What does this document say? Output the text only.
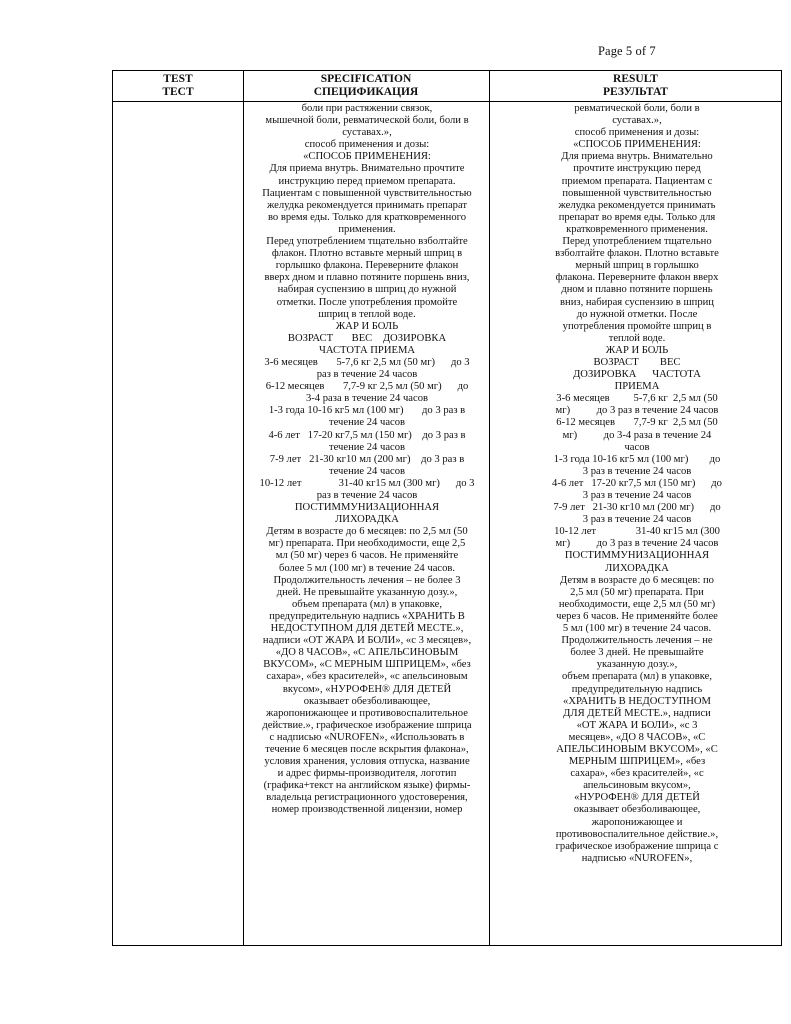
Page 5 of 7
TEST
ТЕСТ
SPECIFICATION
СПЕЦИФИКАЦИЯ
RESULT
РЕЗУЛЬТАТ

боли при растяжении связок,

мышечной боли, ревматической боли, боли в

суставах.»,

способ применения и дозы:

«СПОСОБ ПРИМЕНЕНИЯ:

Для приема внутрь. Внимательно прочтите

инструкцию перед приемом препарата.

Пациентам с повышенной чувствительностью

желудка рекомендуется принимать препарат

во время еды. Только для кратковременного

применения.

Перед употреблением тщательно взболтайте

флакон. Плотно вставьте мерный шприц в

горлышко флакона. Переверните флакон

вверх дном и плавно потяните поршень вниз,

набирая суспензию в шприц до нужной

отметки. После употребления промойте

шприц в теплой воде.

ЖАР И БОЛЬ

ВОЗРАСТ       ВЕС    ДОЗИРОВКА

ЧАСТОТА ПРИЕМА

3-6 месяцев       5-7,6 кг 2,5 мл (50 мг)      до 3

раз в течение 24 часов

6-12 месяцев       7,7-9 кг 2,5 мл (50 мг)      до

3-4 раза в течение 24 часов

1-3 года 10-16 кг5 мл (100 мг)       до 3 раз в

течение 24 часов

4-6 лет   17-20 кг7,5 мл (150 мг)    до 3 раз в

течение 24 часов

7-9 лет   21-30 кг10 мл (200 мг)    до 3 раз в

течение 24 часов

10-12 лет              31-40 кг15 мл (300 мг)      до 3

раз в течение 24 часов

ПОСТИММУНИЗАЦИОННАЯ

ЛИХОРАДКА

Детям в возрасте до 6 месяцев: по 2,5 мл (50

мг) препарата. При необходимости, еще 2,5

мл (50 мг) через 6 часов. Не применяйте

более 5 мл (100 мг) в течение 24 часов.

Продолжительность лечения – не более 3

дней. Не превышайте указанную дозу.»,

объем препарата (мл) в упаковке,

предупредительную надпись «ХРАНИТЬ В

НЕДОСТУПНОМ ДЛЯ ДЕТЕЙ МЕСТЕ.»,

надписи «ОТ ЖАРА И БОЛИ», «с 3 месяцев»,

«ДО 8 ЧАСОВ», «С АПЕЛЬСИНОВЫМ

ВКУСОМ», «С МЕРНЫМ ШПРИЦЕМ», «без

сахара», «без красителей», «с апельсиновым

вкусом», «НУРОФЕН® ДЛЯ ДЕТЕЙ

оказывает обезболивающее,

жаропонижающее и противовоспалительное

действие.», графическое изображение шприца

с надписью «NUROFEN», «Использовать в

течение 6 месяцев после вскрытия флакона»,

условия хранения, условия отпуска, название

и адрес фирмы-производителя, логотип

(графика+текст на английском языке) фирмы-

владельца регистрационного удостоверения,

номер производственной лицензии, номер

ревматической боли, боли в

суставах.»,

способ применения и дозы:

«СПОСОБ ПРИМЕНЕНИЯ:

Для приема внутрь. Внимательно

прочтите инструкцию перед

приемом препарата. Пациентам с

повышенной чувствительностью

желудка рекомендуется принимать

препарат во время еды. Только для

кратковременного применения.

Перед употреблением тщательно

взболтайте флакон. Плотно вставьте

мерный шприц в горлышко

флакона. Переверните флакон вверх

дном и плавно потяните поршень

вниз, набирая суспензию в шприц

до нужной отметки. После

употребления промойте шприц в

теплой воде.

ЖАР И БОЛЬ

ВОЗРАСТ        ВЕС

ДОЗИРОВКА      ЧАСТОТА

ПРИЕМА

3-6 месяцев         5-7,6 кг  2,5 мл (50

мг)          до 3 раз в течение 24 часов

6-12 месяцев       7,7-9 кг  2,5 мл (50

мг)          до 3-4 раза в течение 24

часов

1-3 года 10-16 кг5 мл (100 мг)        до

3 раз в течение 24 часов

4-6 лет   17-20 кг7,5 мл (150 мг)      до

3 раз в течение 24 часов

7-9 лет   21-30 кг10 мл (200 мг)      до

3 раз в течение 24 часов

10-12 лет               31-40 кг15 мл (300

мг)          до 3 раз в течение 24 часов

ПОСТИММУНИЗАЦИОННАЯ

ЛИХОРАДКА

Детям в возрасте до 6 месяцев: по

2,5 мл (50 мг) препарата. При

необходимости, еще 2,5 мл (50 мг)

через 6 часов. Не применяйте более

5 мл (100 мг) в течение 24 часов.

Продолжительность лечения – не

более 3 дней. Не превышайте

указанную дозу.»,

объем препарата (мл) в упаковке,

предупредительную надпись

«ХРАНИТЬ В НЕДОСТУПНОМ

ДЛЯ ДЕТЕЙ МЕСТЕ.», надписи

«ОТ ЖАРА И БОЛИ», «с 3

месяцев», «ДО 8 ЧАСОВ», «С

АПЕЛЬСИНОВЫМ ВКУСОМ», «С

МЕРНЫМ ШПРИЦЕМ», «без

сахара», «без красителей», «с

апельсиновым вкусом»,

«НУРОФЕН® ДЛЯ ДЕТЕЙ

оказывает обезболивающее,

жаропонижающее и

противовоспалительное действие.»,

графическое изображение шприца с

надписью «NUROFEN»,
